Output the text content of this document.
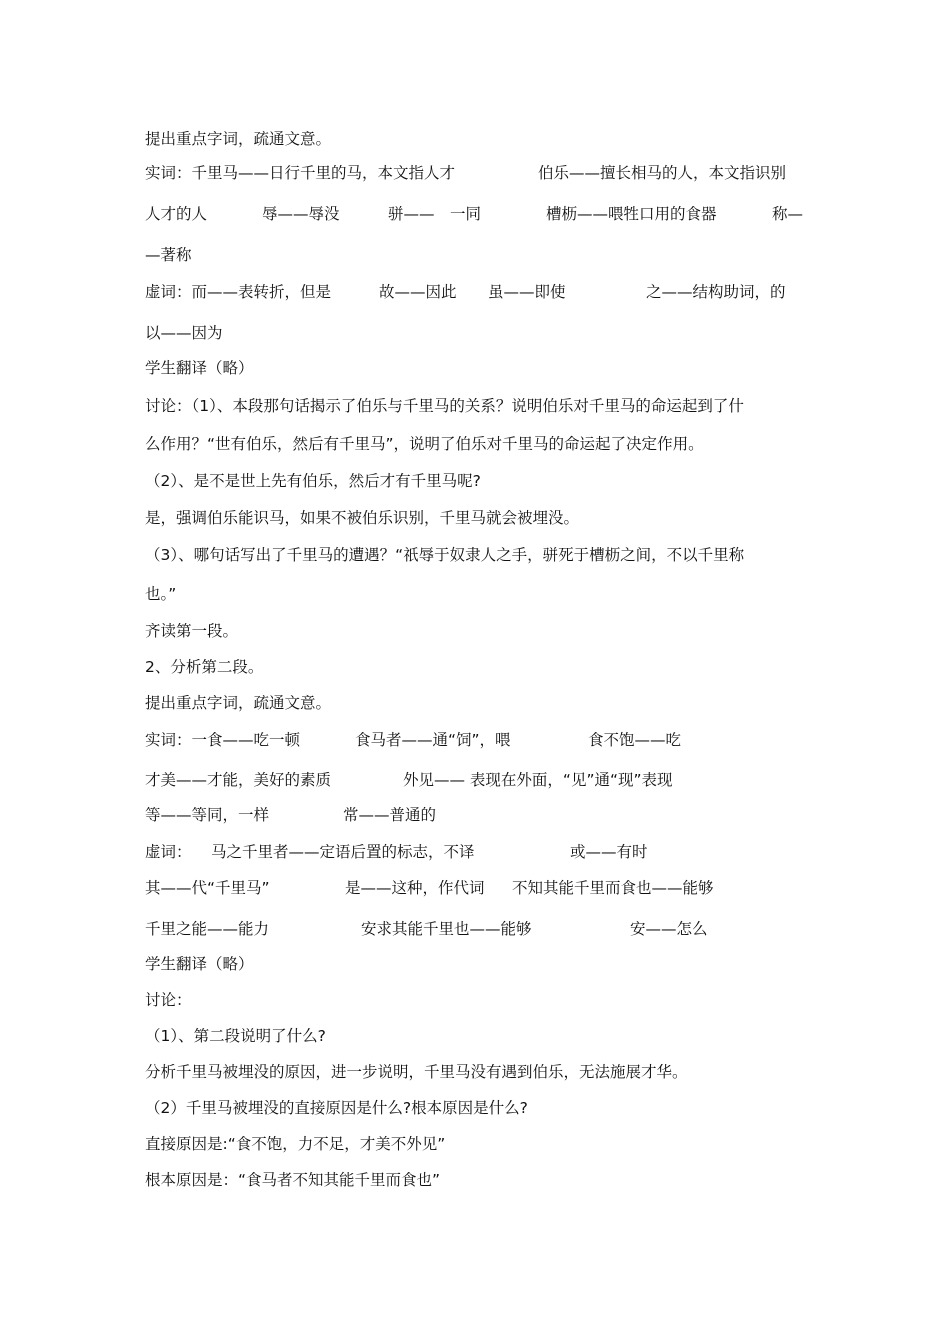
提出重点字词，疏通文意。
实词：千里马——日行千里的马，本文指人才	伯乐——擅长相马的人，本文指识别
人才的人	辱——辱没	骈——　一同	槽枥——喂牲口用的食器	称—
—著称
虚词：而——表转折，但是	故——因此 虽——即使	之——结构助词，的
以——因为
学生翻译（略）
讨论：（1）、本段那句话揭示了伯乐与千里马的关系？说明伯乐对千里马的命运起到了什
么作用？“世有伯乐，然后有千里马”，说明了伯乐对千里马的命运起了决定作用。
（2）、是不是世上先有伯乐，然后才有千里马呢?
是，强调伯乐能识马，如果不被伯乐识别，千里马就会被埋没。
（3）、哪句话写出了千里马的遭遇？“祇辱于奴隶人之手，骈死于槽枥之间，不以千里称
也。”
齐读第一段。
2、分析第二段。
提出重点字词，疏通文意。
实词：一食——吃一顿	食马者——通“饲”，喂	食不饱——吃
才美——才能，美好的素质	外见—— 表现在外面，“见”通“现”表现
等——等同，一样	常——普通的
虚词： 马之千里者——定语后置的标志，不译	或——有时
其——代“千里马”	是——这种，作代词 不知其能千里而食也——能够
千里之能——能力	安求其能千里也——能够	安——怎么
学生翻译（略）
讨论：
（1）、第二段说明了什么?
分析千里马被埋没的原因，进一步说明，千里马没有遇到伯乐，无法施展才华。
（2）千里马被埋没的直接原因是什么?根本原因是什么?
直接原因是:“食不饱，力不足，才美不外见”
根本原因是：“食马者不知其能千里而食也”
